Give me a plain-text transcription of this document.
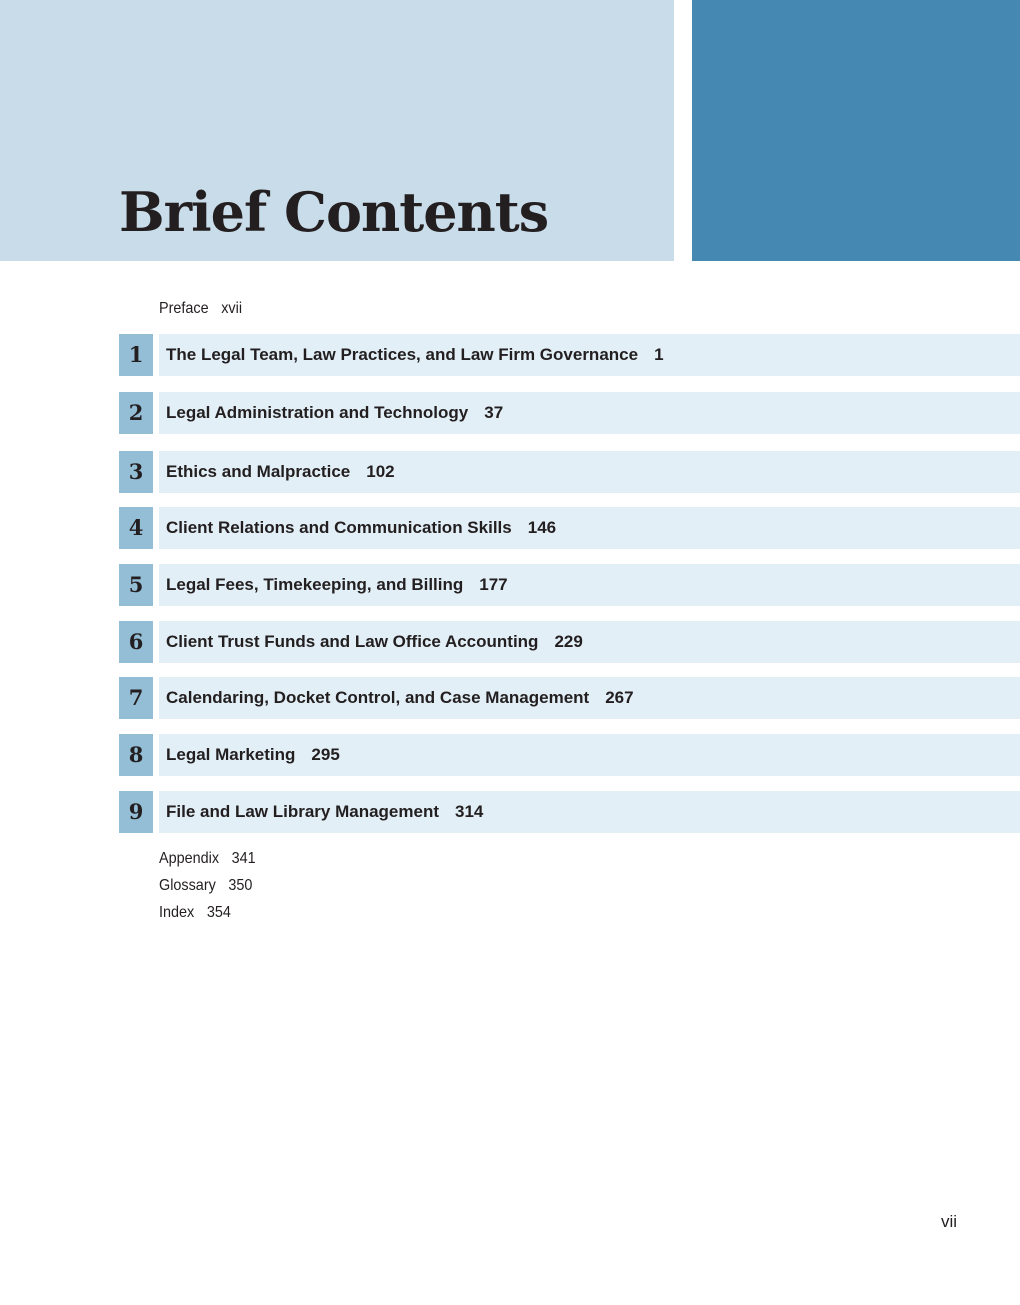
Brief Contents
Preface xvii
1	The Legal Team, Law Practices, and Law Firm Governance 1
2	Legal Administration and Technology 37
3	Ethics and Malpractice 102
4	Client Relations and Communication Skills 146
5	Legal Fees, Timekeeping, and Billing 177
6	Client Trust Funds and Law Office Accounting 229
7	Calendaring, Docket Control, and Case Management 267
8	Legal Marketing 295
9	File and Law Library Management 314
Appendix 341
Glossary 350
Index 354
vii
